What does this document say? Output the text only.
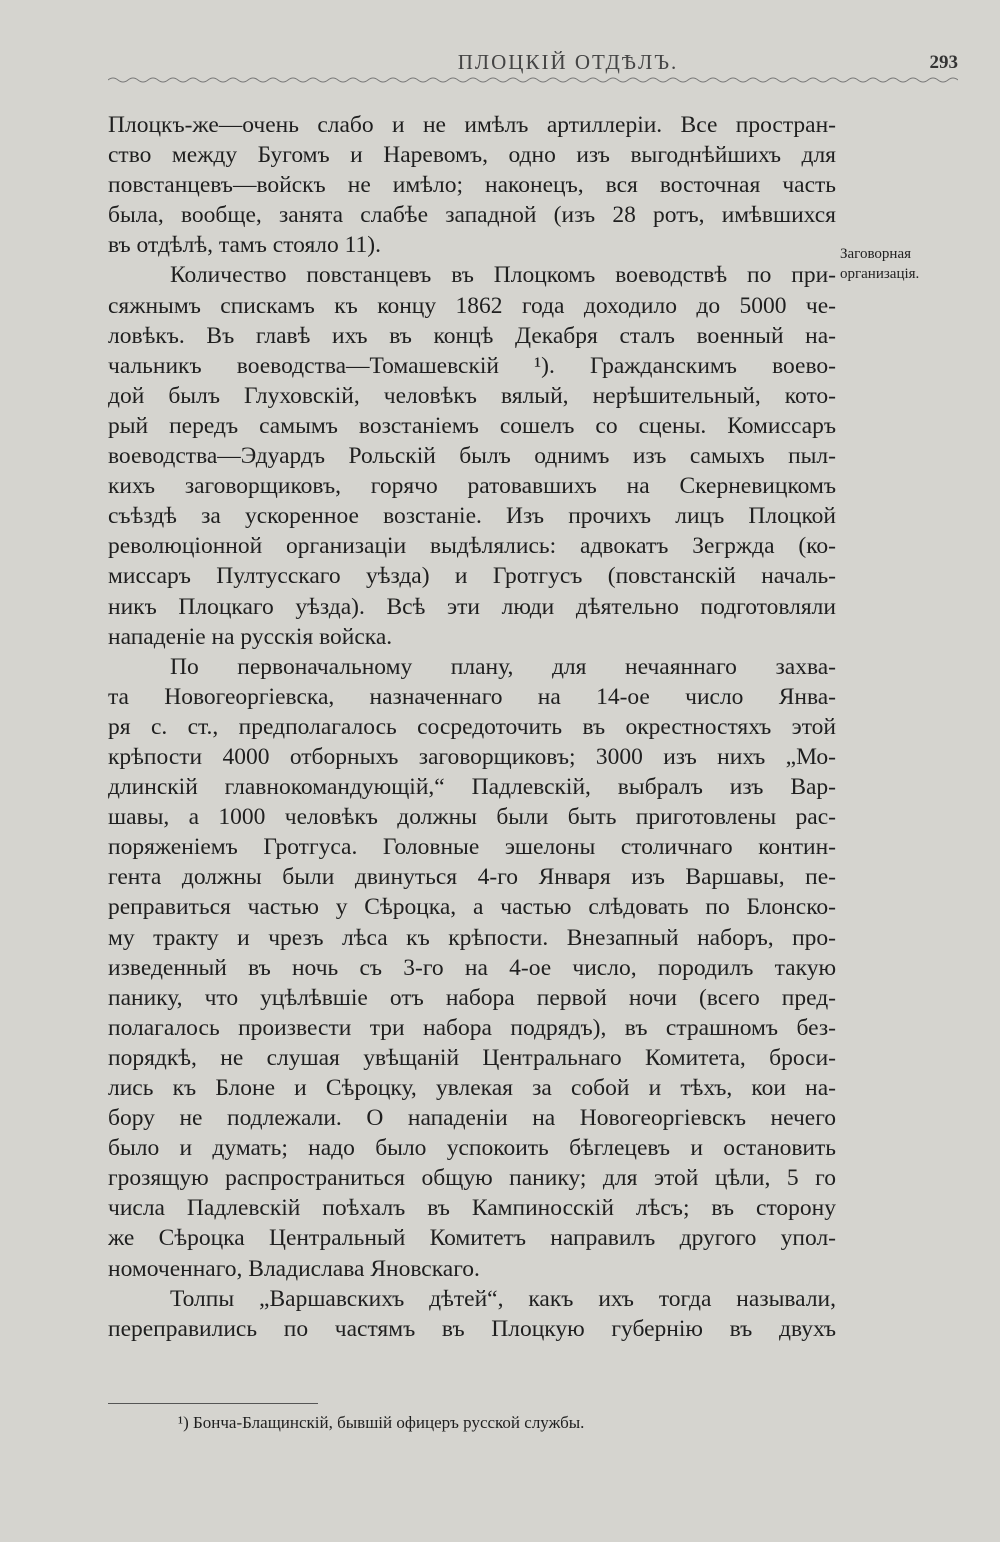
ПЛОЦКІЙ ОТДѢЛЪ.	293
Плоцкъ-же—очень слабо и не имѣлъ артиллеріи. Все простран-
ство между Бугомъ и Наревомъ, одно изъ выгоднѣйшихъ для
повстанцевъ—войскъ не имѣло; наконецъ, вся восточная часть
была, вообще, занята слабѣе западной (изъ 28 ротъ, имѣвшихся
въ отдѣлѣ, тамъ стояло 11).
Количество повстанцевъ въ Плоцкомъ воеводствѣ по при-
сяжнымъ спискамъ къ концу 1862 года доходило до 5000 че-
ловѣкъ. Въ главѣ ихъ въ концѣ Декабря сталъ военный на-
чальникъ воеводства—Томашевскій ¹). Гражданскимъ воево-
дой былъ Глуховскій, человѣкъ вялый, нерѣшительный, кото-
рый передъ самымъ возстаніемъ сошелъ со сцены. Комиссаръ
воеводства—Эдуардъ Рольскій былъ однимъ изъ самыхъ пыл-
кихъ заговорщиковъ, горячо ратовавшихъ на Скерневицкомъ
съѣздѣ за ускоренное возстаніе. Изъ прочихъ лицъ Плоцкой
революціонной организаціи выдѣлялись: адвокатъ Зегржда (ко-
миссаръ Пултусскаго уѣзда) и Гротгусъ (повстанскій началь-
никъ Плоцкаго уѣзда). Всѣ эти люди дѣятельно подготовляли
нападеніе на русскія войска.
По первоначальному плану, для нечаяннаго захва-
та Новогеоргіевска, назначеннаго на 14-ое число Янва-
ря с. ст., предполагалось сосредоточить въ окрестностяхъ этой
крѣпости 4000 отборныхъ заговорщиковъ; 3000 изъ нихъ „Мо-
длинскій главнокомандующій,“ Падлевскій, выбралъ изъ Вар-
шавы, а 1000 человѣкъ должны были быть приготовлены рас-
поряженіемъ Гротгуса. Головные эшелоны столичнаго контин-
гента должны были двинуться 4-го Января изъ Варшавы, пе-
реправиться частью у Сѣроцка, а частью слѣдовать по Блонско-
му тракту и чрезъ лѣса къ крѣпости. Внезапный наборъ, про-
изведенный въ ночь съ 3-го на 4-ое число, породилъ такую
панику, что уцѣлѣвшіе отъ набора первой ночи (всего пред-
полагалось произвести три набора подрядъ), въ страшномъ без-
порядкѣ, не слушая увѣщаній Центральнаго Комитета, броси-
лись къ Блоне и Сѣроцку, увлекая за собой и тѣхъ, кои на-
бору не подлежали. О нападеніи на Новогеоргіевскъ нечего
было и думать; надо было успокоить бѣглецевъ и остановить
грозящую распространиться общую панику; для этой цѣли, 5 го
числа Падлевскій поѣхалъ въ Кампиносскій лѣсъ; въ сторону
же Сѣроцка Центральный Комитетъ направилъ другого упол-
номоченнаго, Владислава Яновскаго.
Толпы „Варшавскихъ дѣтей“, какъ ихъ тогда называли,
переправились по частямъ въ Плоцкую губернію въ двухъ
Заговорная
организація.
¹) Бонча-Блащинскій, бывшій офицеръ русской службы.
